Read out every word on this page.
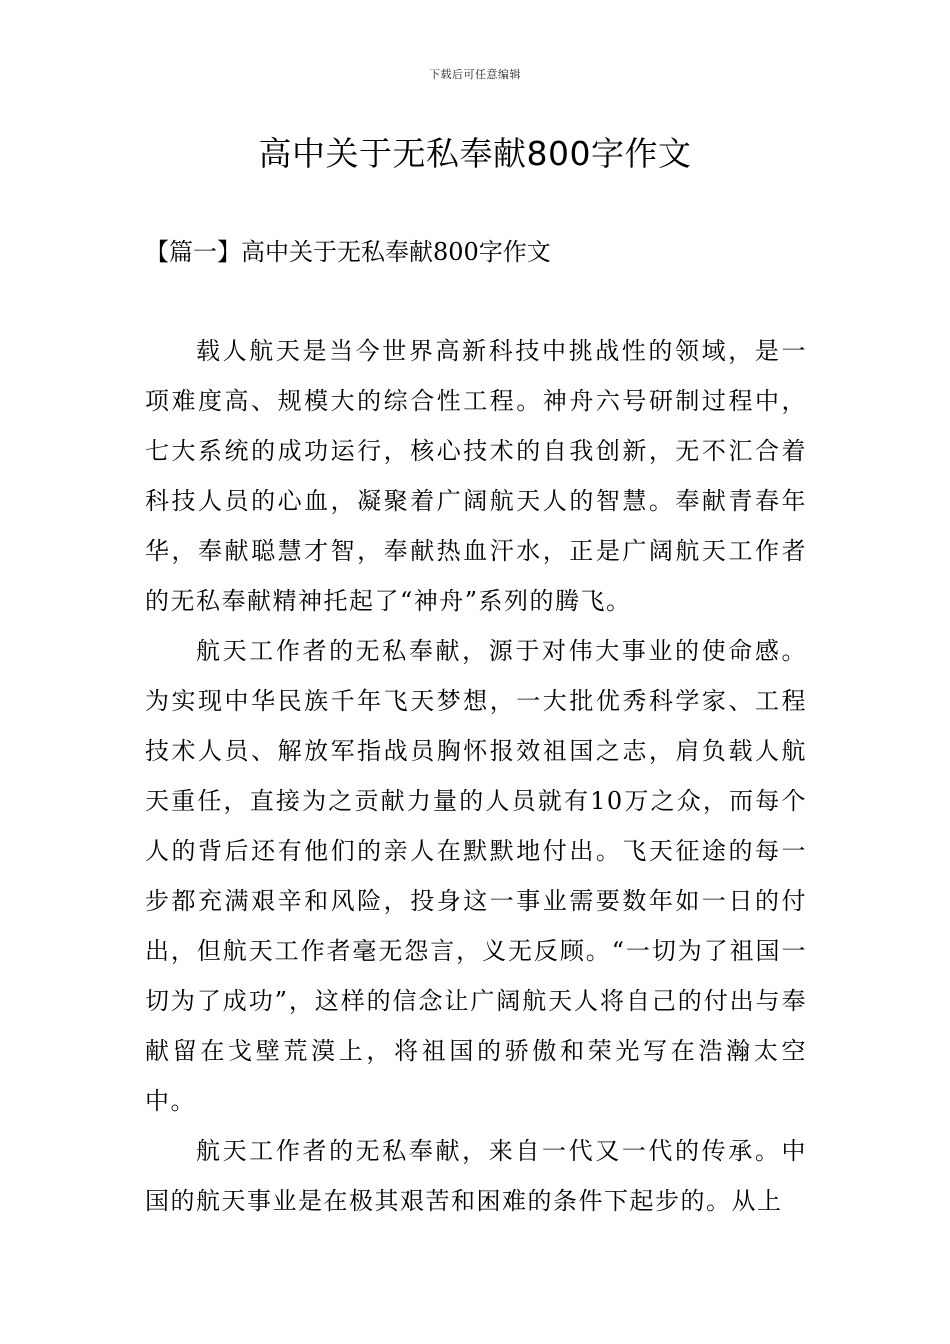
下载后可任意编辑
高中关于无私奉献800字作文
【篇一】高中关于无私奉献800字作文

载人航天是当今世界高新科技中挑战性的领域，是一项难度高、规模大的综合性工程。神舟六号研制过程中，七大系统的成功运行，核心技术的自我创新，无不汇合着科技人员的心血，凝聚着广阔航天人的智慧。奉献青春年华，奉献聪慧才智，奉献热血汗水，正是广阔航天工作者的无私奉献精神托起了“神舟”系列的腾飞。

航天工作者的无私奉献，源于对伟大事业的使命感。为实现中华民族千年飞天梦想，一大批优秀科学家、工程技术人员、解放军指战员胸怀报效祖国之志，肩负载人航天重任，直接为之贡献力量的人员就有10万之众，而每个人的背后还有他们的亲人在默默地付出。飞天征途的每一步都充满艰辛和风险，投身这一事业需要数年如一日的付出，但航天工作者毫无怨言，义无反顾。“一切为了祖国一切为了成功”，这样的信念让广阔航天人将自己的付出与奉献留在戈壁荒漠上，将祖国的骄傲和荣光写在浩瀚太空中。

航天工作者的无私奉献，来自一代又一代的传承。中国的航天事业是在极其艰苦和困难的条件下起步的。从上
